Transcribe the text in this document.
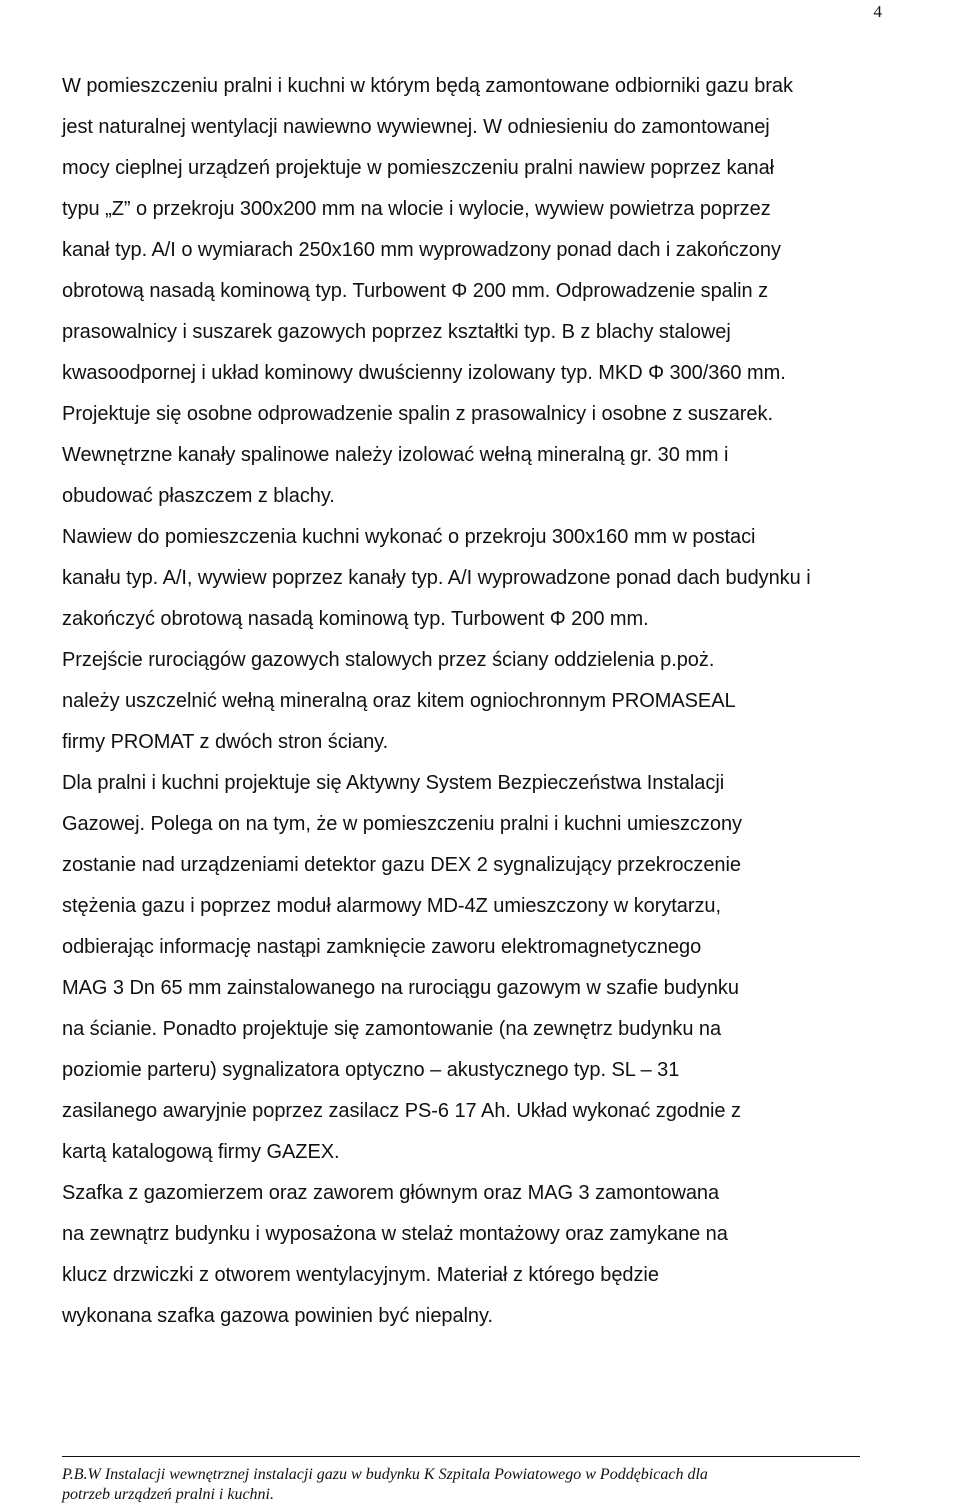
4
W pomieszczeniu pralni i kuchni w którym będą zamontowane odbiorniki gazu brak
jest naturalnej wentylacji nawiewno wywiewnej. W odniesieniu do zamontowanej
mocy cieplnej urządzeń projektuje w pomieszczeniu pralni nawiew poprzez kanał
typu „Z” o przekroju 300x200 mm na wlocie i wylocie, wywiew powietrza poprzez
kanał typ. A/I o wymiarach 250x160 mm wyprowadzony ponad dach i zakończony
obrotową nasadą kominową typ. Turbowent Φ 200 mm. Odprowadzenie spalin z
prasowalnicy i suszarek gazowych poprzez kształtki typ. B z blachy stalowej
kwasoodpornej i układ kominowy dwuścienny izolowany typ. MKD Φ 300/360 mm.
Projektuje się osobne odprowadzenie spalin z prasowalnicy i osobne z suszarek.
Wewnętrzne kanały spalinowe należy izolować wełną mineralną gr. 30 mm i
obudować płaszczem z blachy.
Nawiew do pomieszczenia kuchni wykonać o przekroju 300x160 mm w postaci
kanału typ. A/I, wywiew poprzez kanały typ. A/I wyprowadzone ponad dach budynku i
zakończyć obrotową nasadą kominową typ. Turbowent Φ 200 mm.
Przejście rurociągów gazowych stalowych przez ściany oddzielenia p.poż.
należy uszczelnić wełną mineralną oraz kitem ogniochronnym PROMASEAL
firmy PROMAT z dwóch stron ściany.
Dla pralni i kuchni projektuje się Aktywny System Bezpieczeństwa Instalacji
Gazowej. Polega on na tym, że w pomieszczeniu pralni i kuchni umieszczony
zostanie nad urządzeniami detektor gazu DEX 2 sygnalizujący przekroczenie
stężenia gazu i poprzez moduł alarmowy MD-4Z umieszczony w korytarzu,
odbierając informację nastąpi zamknięcie zaworu elektromagnetycznego
MAG 3 Dn 65 mm zainstalowanego na rurociągu gazowym w szafie budynku
na ścianie. Ponadto projektuje się zamontowanie (na zewnętrz budynku na
poziomie parteru) sygnalizatora optyczno – akustycznego typ. SL – 31
zasilanego awaryjnie poprzez zasilacz PS-6 17 Ah. Układ wykonać zgodnie z
kartą katalogową firmy GAZEX.
Szafka z gazomierzem oraz zaworem głównym oraz MAG 3 zamontowana
na zewnątrz budynku i wyposażona w stelaż montażowy oraz zamykane na
klucz drzwiczki z otworem wentylacyjnym. Materiał z którego będzie
wykonana szafka gazowa powinien być niepalny.
P.B.W Instalacji wewnętrznej instalacji gazu w budynku K Szpitala Powiatowego w Poddębicach dla
potrzeb urządzeń pralni i kuchni.
